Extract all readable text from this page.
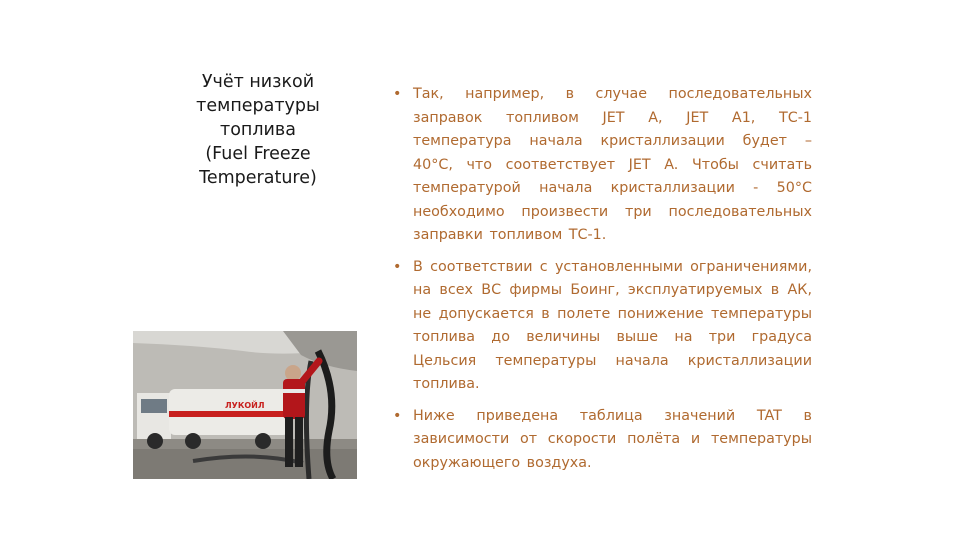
Учёт низкой
температуры
топлива
(Fuel Freeze
Temperature)
ЛУКОЙЛ
• Так, например, в случае последовательных заправок топливом JET A, JET A1, ТС-1 температура начала кристаллизации будет – 40°С, что соответствует JET A. Чтобы считать температурой начала кристаллизации - 50°С необходимо произвести три последовательных заправки топливом ТС-1.
• В соответствии с установленными ограничениями, на всех ВС фирмы Боинг, эксплуатируемых в АК, не допускается в полете понижение температуры топлива до величины выше на три градуса Цельсия температуры начала кристаллизации топлива.
• Ниже приведена таблица значений TAT в зависимости от скорости полёта и температуры окружающего воздуха.
